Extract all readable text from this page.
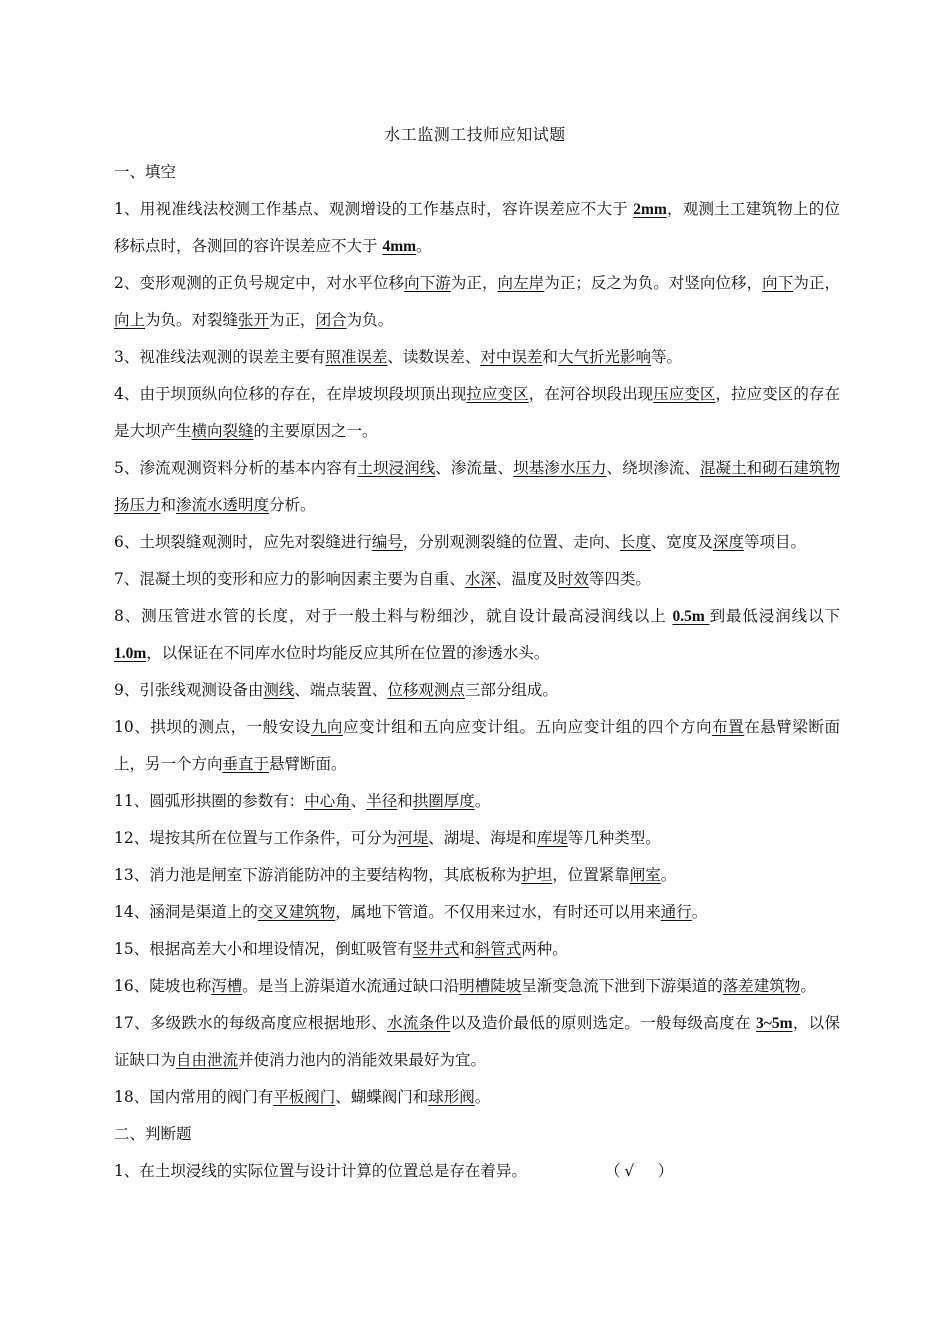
水工监测工技师应知试题

一、填空

1、用视准线法校测工作基点、观测增设的工作基点时，容许误差应不大于 2mm，观测土工建筑物上的位移标点时，各测回的容许误差应不大于 4mm。

2、变形观测的正负号规定中，对水平位移向下游为正，向左岸为正；反之为负。对竖向位移，向下为正，向上为负。对裂缝张开为正，闭合为负。

3、视准线法观测的误差主要有照准误差、读数误差、对中误差和大气折光影响等。

4、由于坝顶纵向位移的存在，在岸坡坝段坝顶出现拉应变区，在河谷坝段出现压应变区，拉应变区的存在是大坝产生横向裂缝的主要原因之一。

5、渗流观测资料分析的基本内容有土坝浸润线、渗流量、坝基渗水压力、绕坝渗流、混凝土和砌石建筑物扬压力和渗流水透明度分析。

6、土坝裂缝观测时，应先对裂缝进行编号，分别观测裂缝的位置、走向、长度、宽度及深度等项目。

7、混凝土坝的变形和应力的影响因素主要为自重、水深、温度及时效等四类。

8、测压管进水管的长度，对于一般土料与粉细沙，就自设计最高浸润线以上 0.5m 到最低浸润线以下 1.0m，以保证在不同库水位时均能反应其所在位置的渗透水头。

9、引张线观测设备由测线、端点装置、位移观测点三部分组成。

10、拱坝的测点，一般安设九向应变计组和五向应变计组。五向应变计组的四个方向布置在悬臂梁断面上，另一个方向垂直于悬臂断面。

11、圆弧形拱圈的参数有：中心角、半径和拱圈厚度。

12、堤按其所在位置与工作条件，可分为河堤、湖堤、海堤和库堤等几种类型。

13、消力池是闸室下游消能防冲的主要结构物，其底板称为护坦，位置紧靠闸室。

14、涵洞是渠道上的交叉建筑物，属地下管道。不仅用来过水，有时还可以用来通行。

15、根据高差大小和埋设情况，倒虹吸管有竖井式和斜管式两种。

16、陡坡也称泻槽。是当上游渠道水流通过缺口沿明槽陡坡呈渐变急流下泄到下游渠道的落差建筑物。

17、多级跌水的每级高度应根据地形、水流条件以及造价最低的原则选定。一般每级高度在 3~5m，以保证缺口为自由泄流并使消力池内的消能效果最好为宜。

18、国内常用的阀门有平板阀门、蝴蝶阀门和球形阀。

二、判断题

1、在土坝浸线的实际位置与设计计算的位置总是存在着异。	（√　）
